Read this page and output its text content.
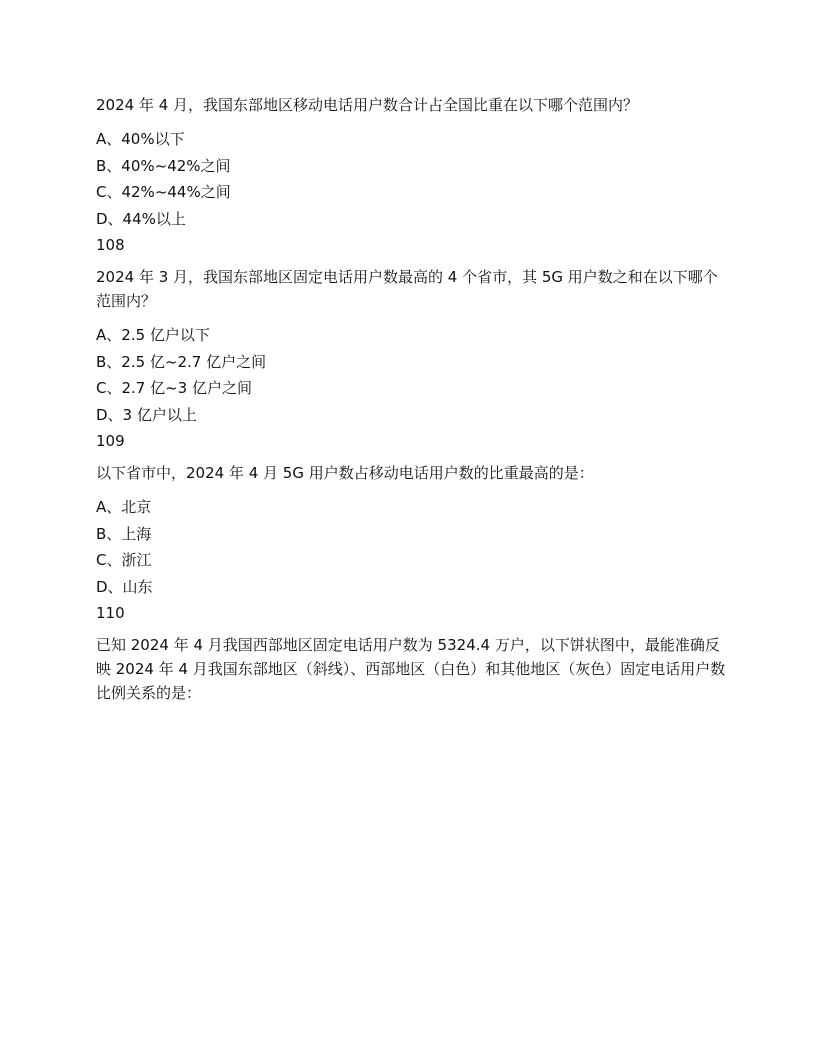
2024 年 4 月，我国东部地区移动电话用户数合计占全国比重在以下哪个范围内？

A、40%以下

B、40%~42%之间

C、42%~44%之间

D、44%以上

108

2024 年 3 月，我国东部地区固定电话用户数最高的 4 个省市，其 5G 用户数之和在以下哪个范围内？

A、2.5 亿户以下

B、2.5 亿~2.7 亿户之间

C、2.7 亿~3 亿户之间

D、3 亿户以上

109

以下省市中，2024 年 4 月 5G 用户数占移动电话用户数的比重最高的是：

A、北京

B、上海

C、浙江

D、山东

110

已知 2024 年 4 月我国西部地区固定电话用户数为 5324.4 万户，以下饼状图中，最能准确反映 2024 年 4 月我国东部地区（斜线）、西部地区（白色）和其他地区（灰色）固定电话用户数比例关系的是：
